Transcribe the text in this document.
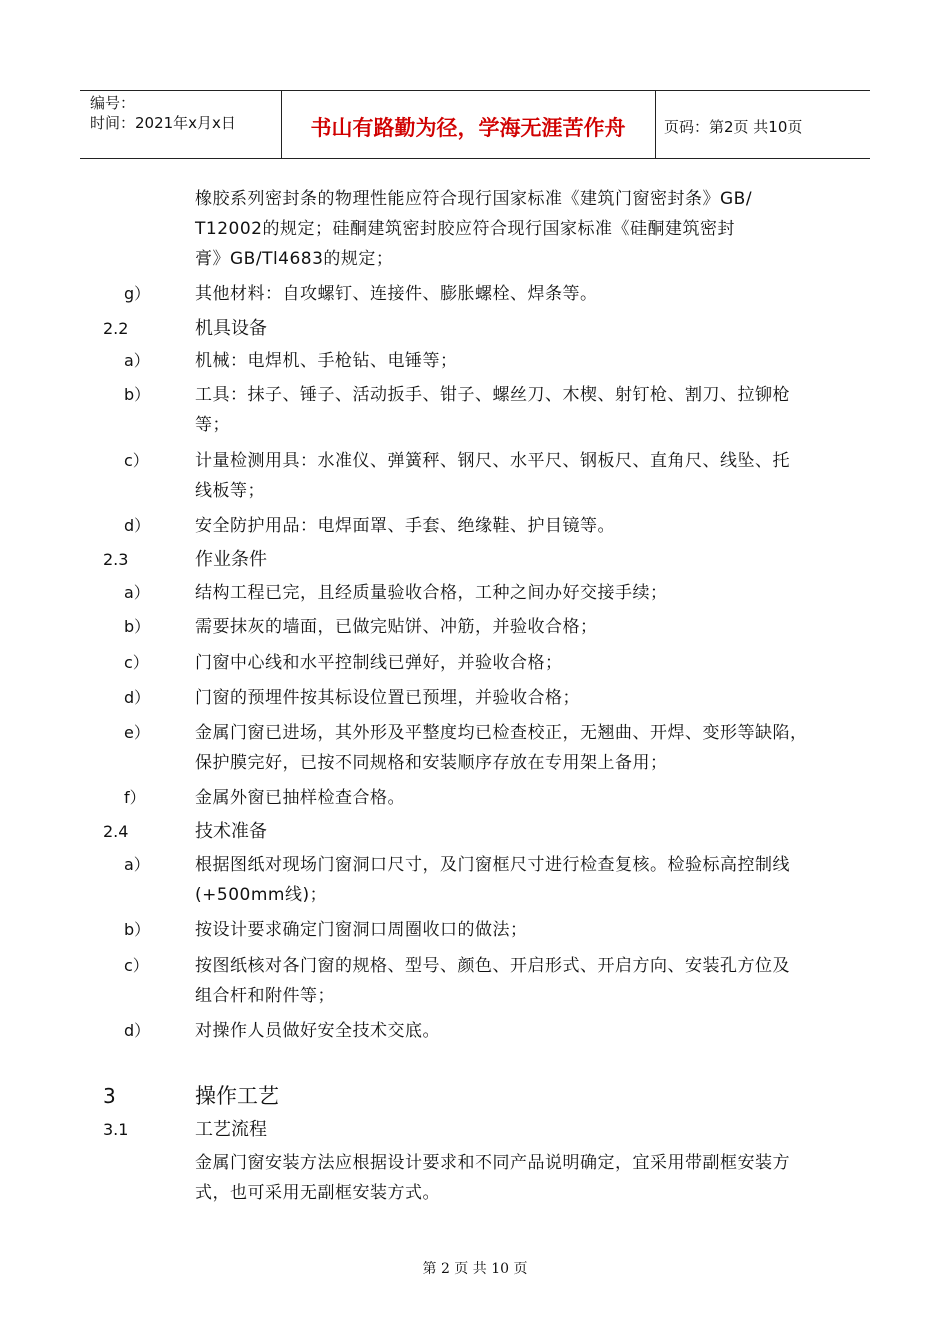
编号：
时间：2021年x月x日	书山有路勤为径，学海无涯苦作舟	页码：第2页 共10页
橡胶系列密封条的物理性能应符合现行国家标准《建筑门窗密封条》GB/
T12002的规定；硅酮建筑密封胶应符合现行国家标准《硅酮建筑密封
膏》GB/Tl4683的规定；
g）	其他材料：自攻螺钉、连接件、膨胀螺栓、焊条等。
2.2	机具设备
a）	机械：电焊机、手枪钻、电锤等；
b）	工具：抹子、锤子、活动扳手、钳子、螺丝刀、木楔、射钉枪、割刀、拉铆枪
等；
c）	计量检测用具：水准仪、弹簧秤、钢尺、水平尺、钢板尺、直角尺、线坠、托
线板等；
d）	安全防护用品：电焊面罩、手套、绝缘鞋、护目镜等。
2.3	作业条件
a）	结构工程已完，且经质量验收合格，工种之间办好交接手续；
b）	需要抹灰的墙面，已做完贴饼、冲筋，并验收合格；
c）	门窗中心线和水平控制线已弹好，并验收合格；
d）	门窗的预埋件按其标设位置已预埋，并验收合格；
e）	金属门窗已进场，其外形及平整度均已检查校正，无翘曲、开焊、变形等缺陷，
保护膜完好，已按不同规格和安装顺序存放在专用架上备用；
f）	金属外窗已抽样检查合格。
2.4	技术准备
a）	根据图纸对现场门窗洞口尺寸，及门窗框尺寸进行检查复核。检验标高控制线
(+500mm线)；
b）	按设计要求确定门窗洞口周圈收口的做法；
c）	按图纸核对各门窗的规格、型号、颜色、开启形式、开启方向、安装孔方位及
组合杆和附件等；
d）	对操作人员做好安全技术交底。
3	操作工艺
3.1	工艺流程
金属门窗安装方法应根据设计要求和不同产品说明确定，宜采用带副框安装方
式，也可采用无副框安装方式。
第 2 页 共 10 页
